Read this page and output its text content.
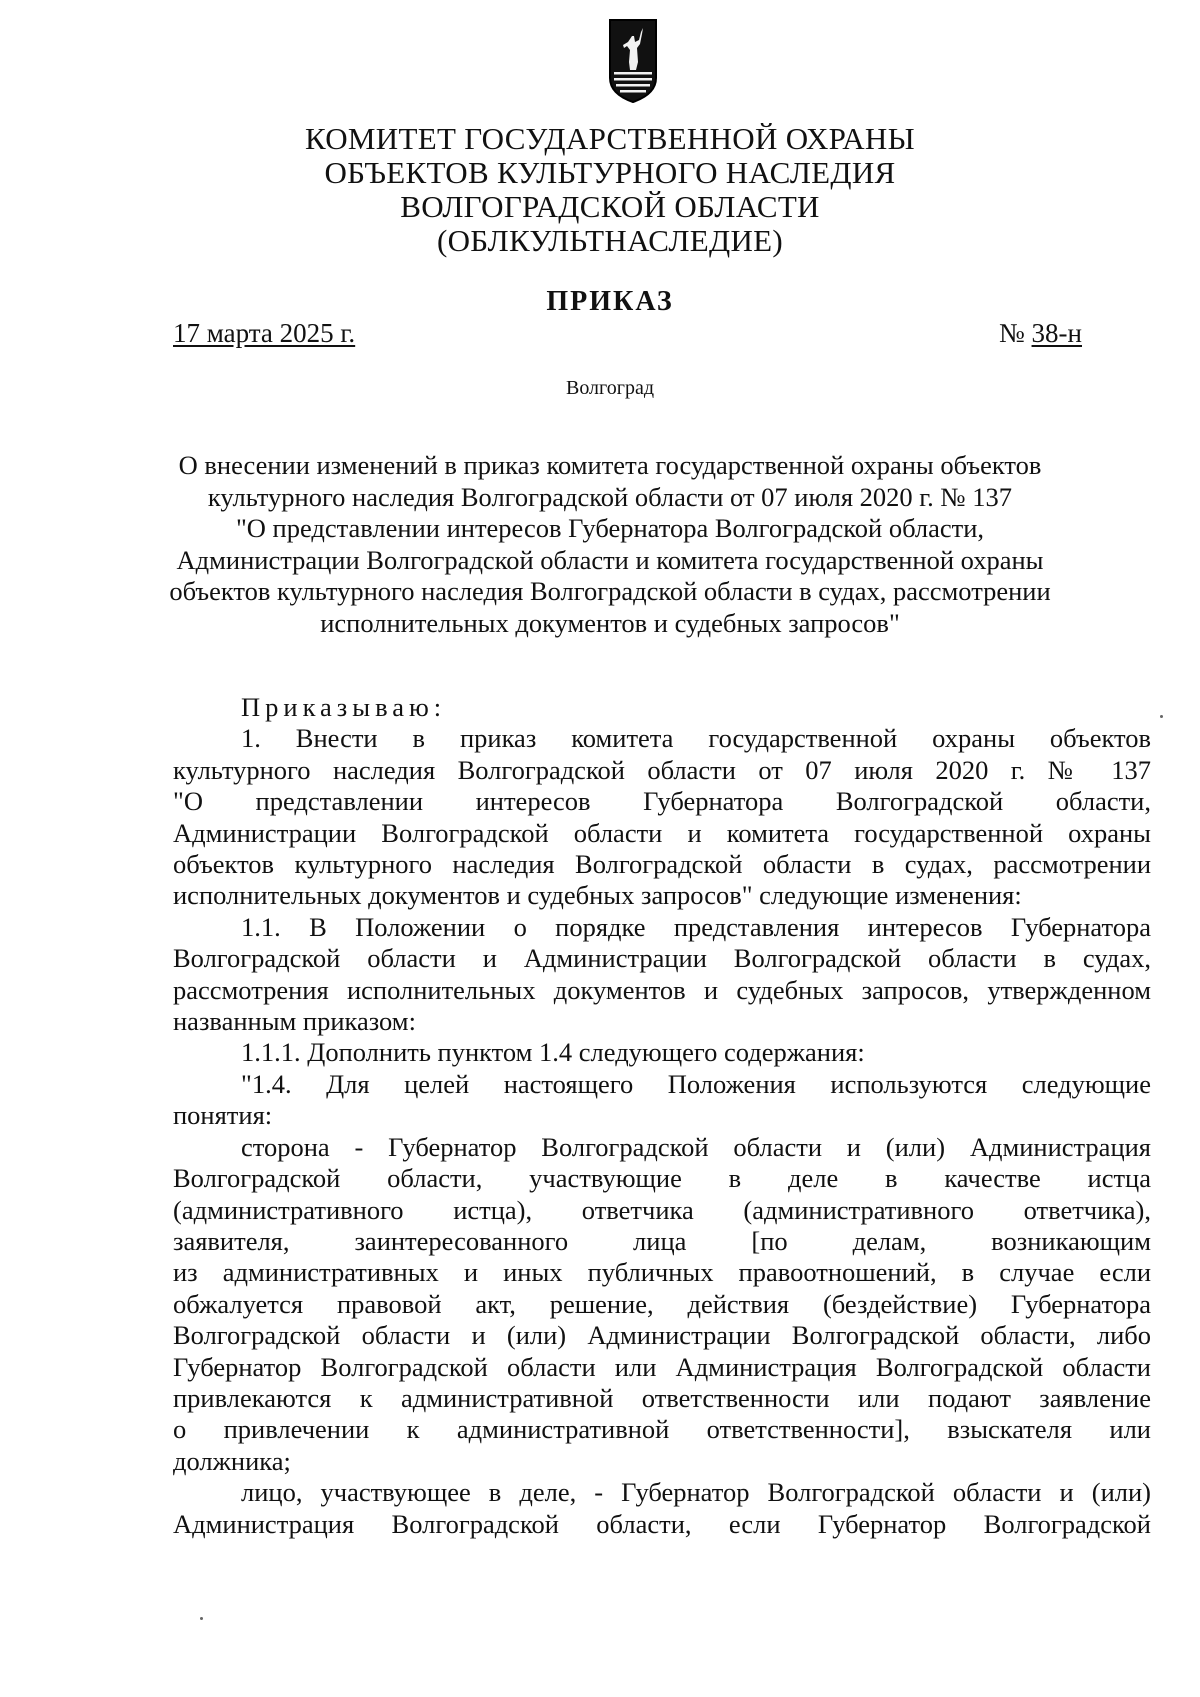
КОМИТЕТ ГОСУДАРСТВЕННОЙ ОХРАНЫ
ОБЪЕКТОВ КУЛЬТУРНОГО НАСЛЕДИЯ
ВОЛГОГРАДСКОЙ ОБЛАСТИ
(ОБЛКУЛЬТНАСЛЕДИЕ)
ПРИКАЗ
17 марта 2025 г.	№ 38-н
Волгоград
О внесении изменений в приказ комитета государственной охраны объектов
культурного наследия Волгоградской области от 07 июля 2020 г. № 137
"О представлении интересов Губернатора Волгоградской области,
Администрации Волгоградской области и комитета государственной охраны
объектов культурного наследия Волгоградской области в судах, рассмотрении
исполнительных документов и судебных запросов"

Приказываю:

1. Внести в приказ комитета государственной охраны объектов
культурного наследия Волгоградской области от 07 июля 2020 г. № 137
"О представлении интересов Губернатора Волгоградской области,
Администрации Волгоградской области и комитета государственной охраны
объектов культурного наследия Волгоградской области в судах, рассмотрении
исполнительных документов и судебных запросов" следующие изменения:

1.1. В Положении о порядке представления интересов Губернатора
Волгоградской области и Администрации Волгоградской области в судах,
рассмотрения исполнительных документов и судебных запросов, утвержденном
названным приказом:

1.1.1. Дополнить пунктом 1.4 следующего содержания:

"1.4. Для целей настоящего Положения используются следующие
понятия:

сторона - Губернатор Волгоградской области и (или) Администрация
Волгоградской области, участвующие в деле в качестве истца
(административного истца), ответчика (административного ответчика),
заявителя, заинтересованного лица [по делам, возникающим
из административных и иных публичных правоотношений, в случае если
обжалуется правовой акт, решение, действия (бездействие) Губернатора
Волгоградской области и (или) Администрации Волгоградской области, либо
Губернатор Волгоградской области или Администрация Волгоградской области
привлекаются к административной ответственности или подают заявление
о привлечении к административной ответственности], взыскателя или
должника;

лицо, участвующее в деле, - Губернатор Волгоградской области и (или)
Администрация Волгоградской области, если Губернатор Волгоградской
